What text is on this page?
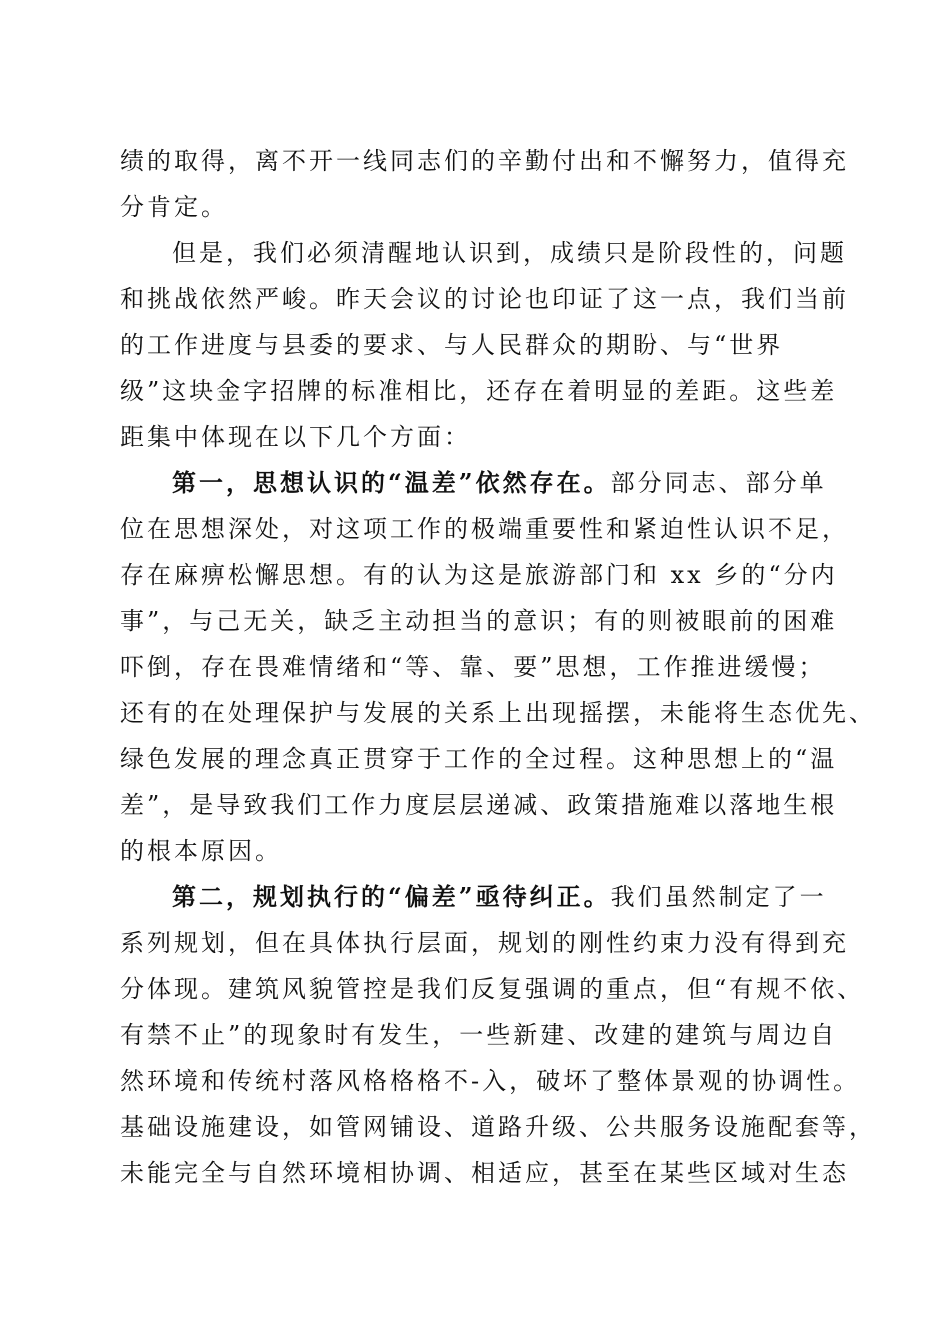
绩的取得，离不开一线同志们的辛勤付出和不懈努力，值得充
分肯定。
但是，我们必须清醒地认识到，成绩只是阶段性的，问题
和挑战依然严峻。昨天会议的讨论也印证了这一点，我们当前
的工作进度与县委的要求、与人民群众的期盼、与“世界
级”这块金字招牌的标准相比，还存在着明显的差距。这些差
距集中体现在以下几个方面：
第一，思想认识的“温差”依然存在。部分同志、部分单
位在思想深处，对这项工作的极端重要性和紧迫性认识不足，
存在麻痹松懈思想。有的认为这是旅游部门和 xx 乡的“分内
事”，与己无关，缺乏主动担当的意识；有的则被眼前的困难
吓倒，存在畏难情绪和“等、靠、要”思想，工作推进缓慢；
还有的在处理保护与发展的关系上出现摇摆，未能将生态优先、
绿色发展的理念真正贯穿于工作的全过程。这种思想上的“温
差”，是导致我们工作力度层层递减、政策措施难以落地生根
的根本原因。
第二，规划执行的“偏差”亟待纠正。我们虽然制定了一
系列规划，但在具体执行层面，规划的刚性约束力没有得到充
分体现。建筑风貌管控是我们反复强调的重点，但“有规不依、
有禁不止”的现象时有发生，一些新建、改建的建筑与周边自
然环境和传统村落风格格格不-入，破坏了整体景观的协调性。
基础设施建设，如管网铺设、道路升级、公共服务设施配套等，
未能完全与自然环境相协调、相适应，甚至在某些区域对生态
